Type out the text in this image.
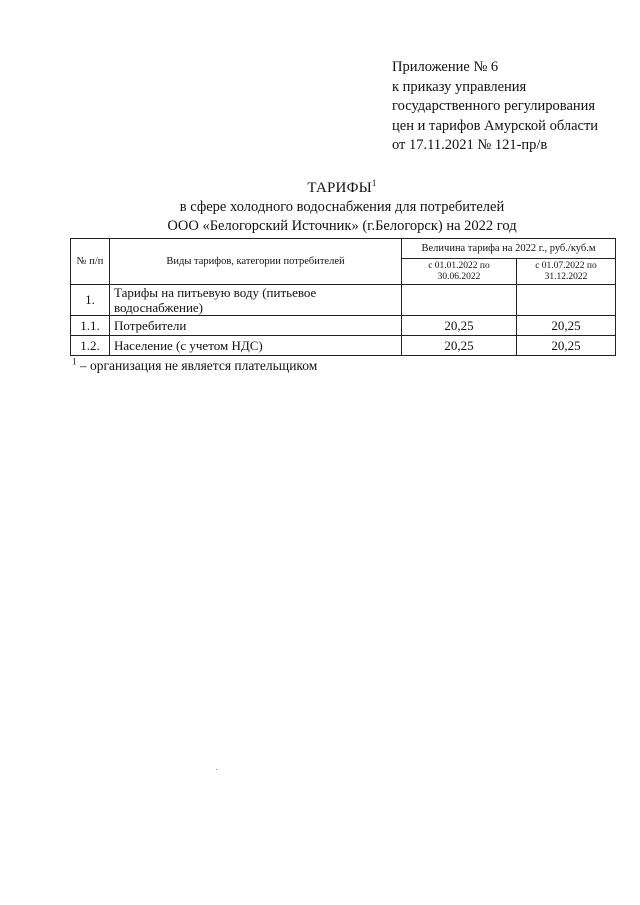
Приложение № 6
к приказу управления
государственного регулирования
цен и тарифов Амурской области
от 17.11.2021 № 121-пр/в
ТАРИФЫ$^1$
в сфере холодного водоснабжения для потребителей
ООО «Белогорский Источник» (г.Белогорск) на 2022 год
№ п/п	Виды тарифов, категории потребителей	Величина тарифа на 2022 г., руб./куб.м	
		с 01.01.2022 по 30.06.2022	с 01.07.2022 по 31.12.2022
1.	Тарифы на питьевую воду (питьевое водоснабжение)		
1.1.	Потребители	20,25	20,25
1.2.	Население (с учетом НДС)	20,25	20,25
$^1$ – организация не является плательщиком
